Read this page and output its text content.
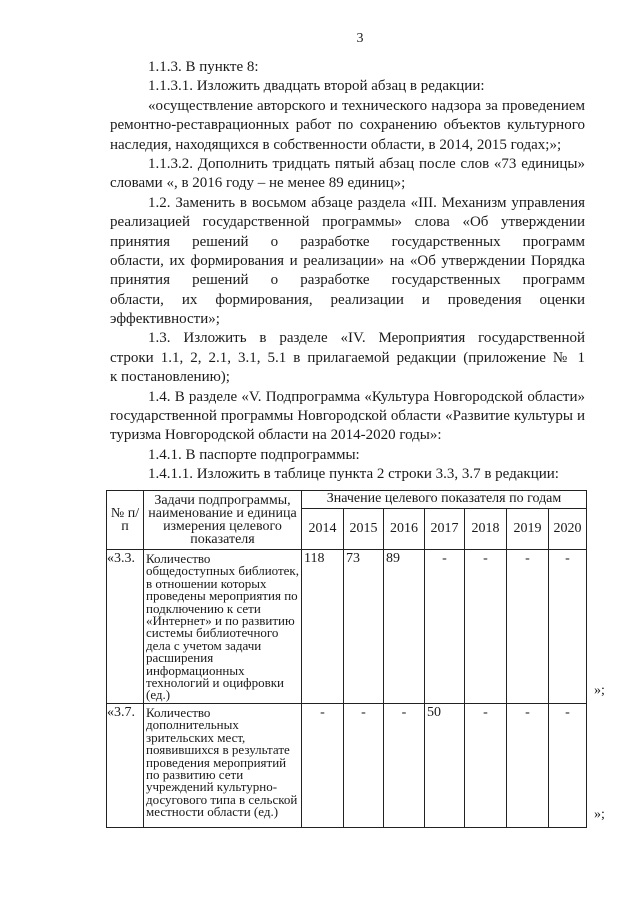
3
1.1.3. В пункте 8:
1.1.3.1. Изложить двадцать второй абзац в редакции:
«осуществление авторского и технического надзора за проведением
ремонтно-реставрационных работ по сохранению объектов культурного
наследия, находящихся в собственности области, в 2014, 2015 годах;»;
1.1.3.2. Дополнить тридцать пятый абзац после слов «73 единицы»
словами «, в 2016 году – не менее 89 единиц»;
1.2. Заменить в восьмом абзаце раздела «III. Механизм управления
реализацией государственной программы» слова «Об утверждении
принятия решений о разработке государственных программ
области, их формирования и реализации» на «Об утверждении Порядка
принятия решений о разработке государственных программ
области, их формирования, реализации и проведения оценки
эффективности»;
1.3. Изложить в разделе «IV. Мероприятия государственной
строки 1.1, 2, 2.1, 3.1, 5.1 в прилагаемой редакции (приложение № 1
к постановлению);
1.4. В разделе «V. Подпрограмма «Культура Новгородской области»
государственной программы Новгородской области «Развитие культуры и
туризма Новгородской области на 2014-2020 годы»:
1.4.1. В паспорте подпрограммы:
1.4.1.1. Изложить в таблице пункта 2 строки 3.3, 3.7 в редакции:
№ п/п	Задачи подпрограммы, наименование и единица измерения целевого показателя	Значение целевого показателя по годам						
		2014	2015	2016	2017	2018	2019	2020
«3.3.	Количество общедоступных библиотек, в отношении которых проведены мероприятия по подключению к сети «Интернет» и по развитию системы библиотечного дела с учетом задачи расширения информационных технологий и оцифровки (ед.)	118	73	89	-	-	-	-
«3.7.	Количество дополнительных зрительских мест, появившихся в результате проведения мероприятий по развитию сети учреждений культурно-досугового типа в сельской местности области (ед.)	-	-	-	50	-	-	-
»;
»;
